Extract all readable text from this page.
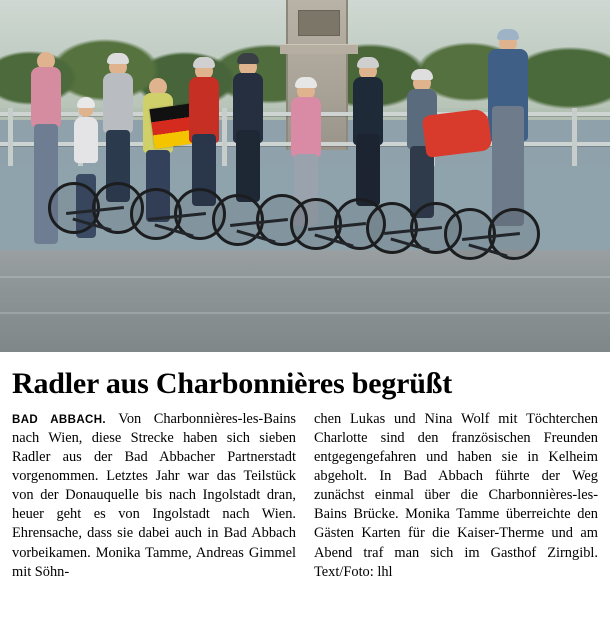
Radler aus Charbonnières begrüßt

BAD ABBACH. Von Charbonnières-les-Bains nach Wien, diese Strecke haben sich sieben Radler aus der Bad Abbacher Partnerstadt vorgenommen. Letztes Jahr war das Teilstück von der Donauquelle bis nach Ingolstadt dran, heuer geht es von Ingolstadt nach Wien. Ehrensache, dass sie dabei auch in Bad Abbach vorbeikamen. Monika Tamme, Andreas Gimmel mit Söhn-

chen Lukas und Nina Wolf mit Töchterchen Charlotte sind den französischen Freunden entgegengefahren und haben sie in Kelheim abgeholt. In Bad Abbach führte der Weg zunächst einmal über die Charbonnières-les-Bains Brücke. Monika Tamme überreichte den Gästen Karten für die Kaiser-Therme und am Abend traf man sich im Gasthof Zirngibl. Text/Foto: lhl
